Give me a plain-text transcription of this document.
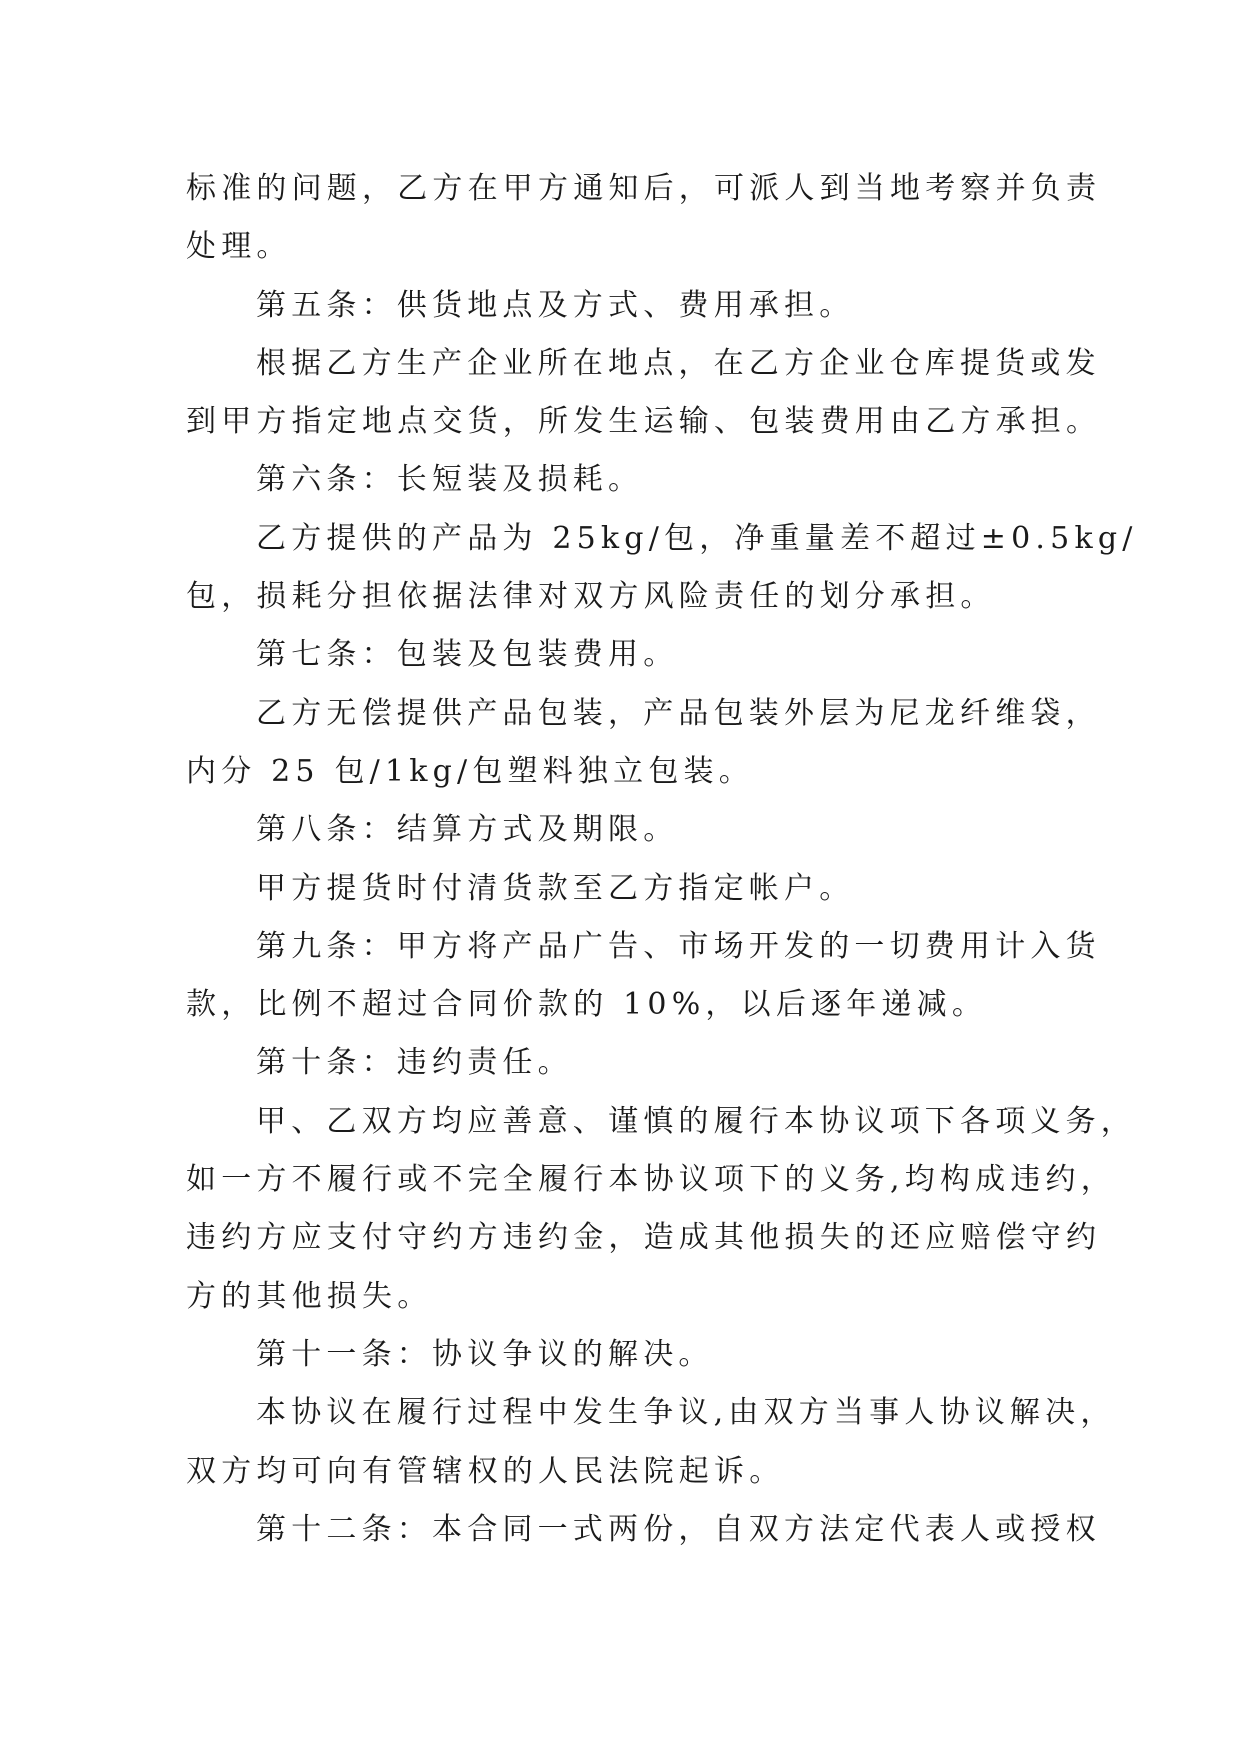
标准的问题，乙方在甲方通知后，可派人到当地考察并负责
处理。
第五条：供货地点及方式、费用承担。
根据乙方生产企业所在地点，在乙方企业仓库提货或发
到甲方指定地点交货，所发生运输、包装费用由乙方承担。
第六条：长短装及损耗。
乙方提供的产品为 25kg/包，净重量差不超过±0.5kg/
包，损耗分担依据法律对双方风险责任的划分承担。
第七条：包装及包装费用。
乙方无偿提供产品包装，产品包装外层为尼龙纤维袋，
内分 25 包/1kg/包塑料独立包装。
第八条：结算方式及期限。
甲方提货时付清货款至乙方指定帐户。
第九条：甲方将产品广告、市场开发的一切费用计入货
款，比例不超过合同价款的 10%，以后逐年递减。
第十条：违约责任。
甲、乙双方均应善意、谨慎的履行本协议项下各项义务，
如一方不履行或不完全履行本协议项下的义务,均构成违约，
违约方应支付守约方违约金，造成其他损失的还应赔偿守约
方的其他损失。
第十一条：协议争议的解决。
本协议在履行过程中发生争议,由双方当事人协议解决，
双方均可向有管辖权的人民法院起诉。
第十二条：本合同一式两份，自双方法定代表人或授权
